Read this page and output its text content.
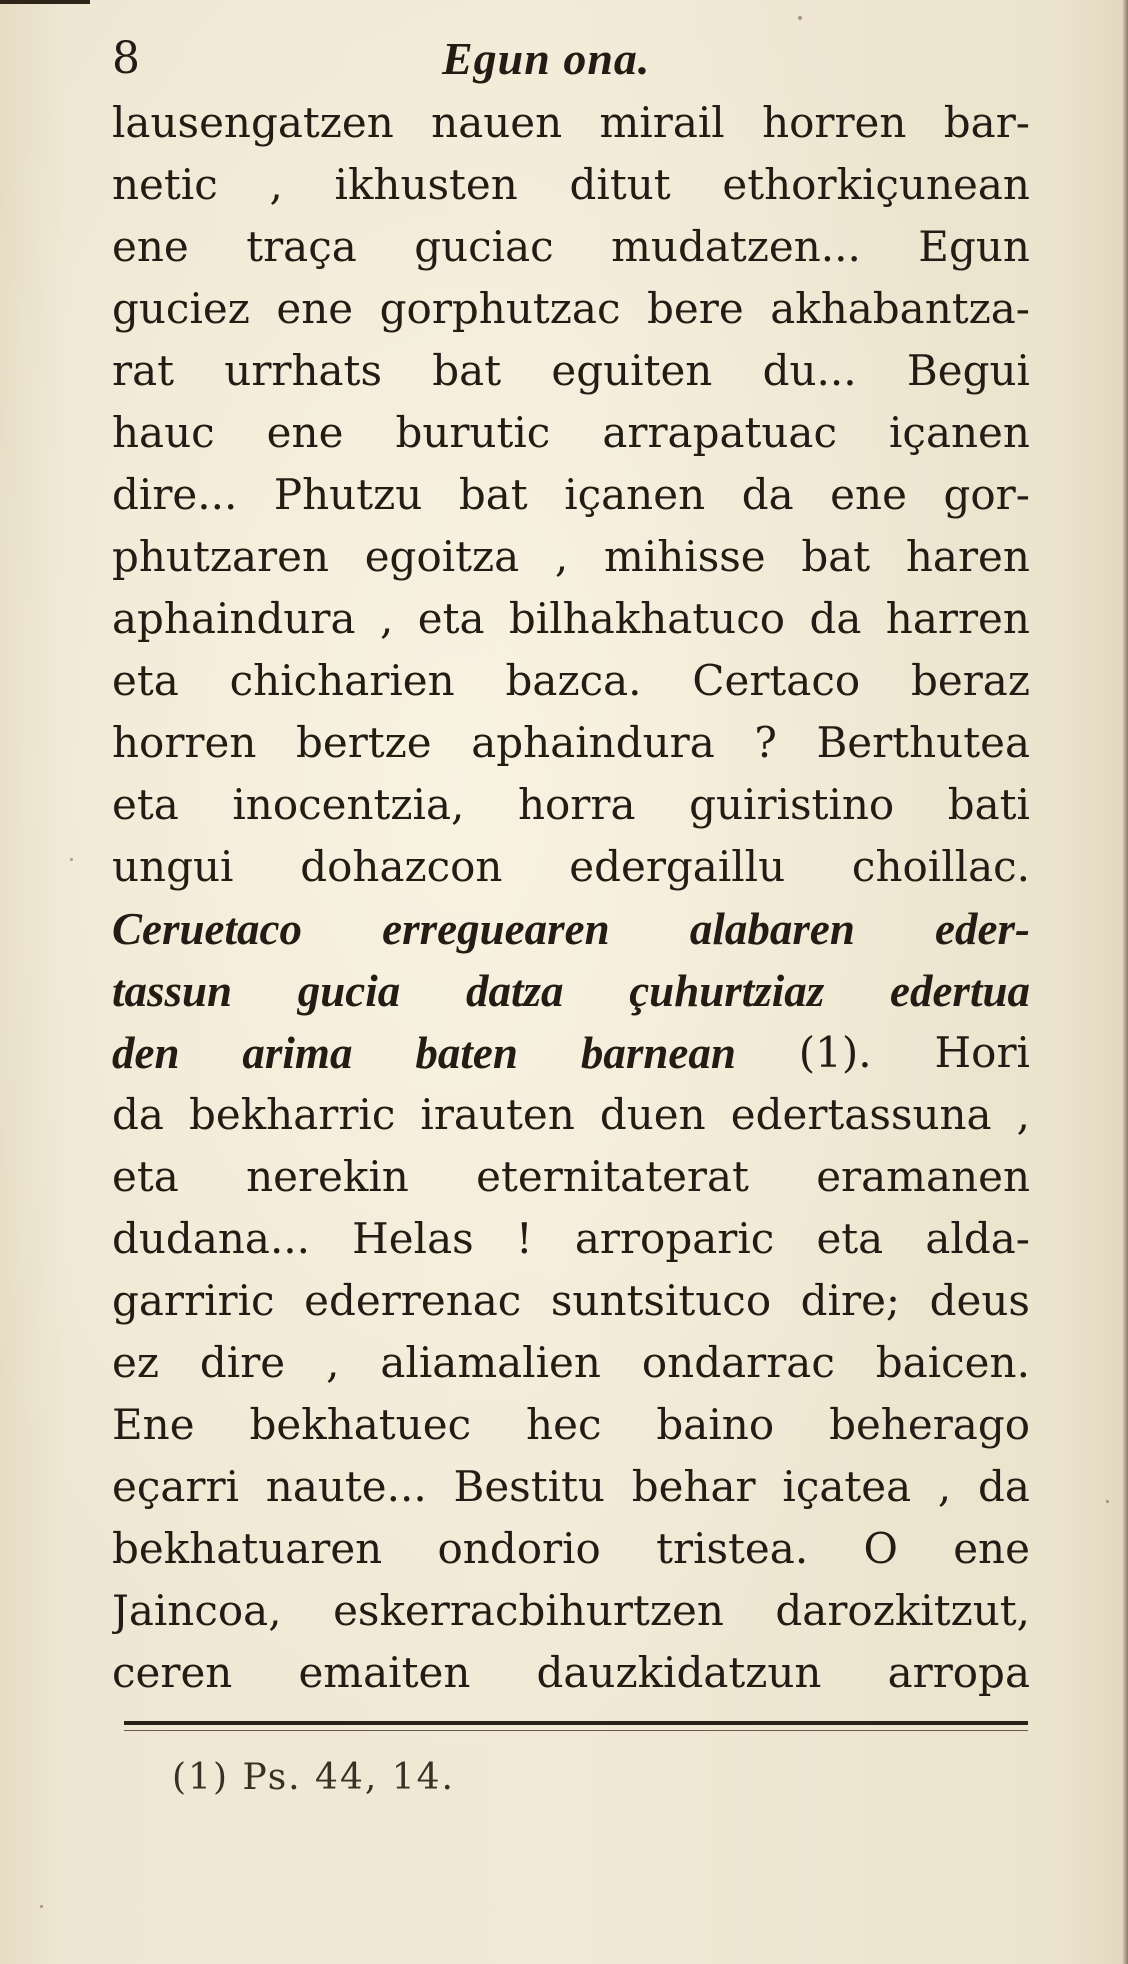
8	Egun ona.
lausengatzen nauen mirail horren bar-
netic , ikhusten ditut ethorkiçunean
ene traça guciac mudatzen... Egun
guciez ene gorphutzac bere akhabantza-
rat urrhats bat eguiten du... Begui
hauc ene burutic arrapatuac içanen
dire... Phutzu bat içanen da ene gor-
phutzaren egoitza , mihisse bat haren
aphaindura , eta bilhakhatuco da harren
eta chicharien bazca. Certaco beraz
horren bertze aphaindura ? Berthutea
eta inocentzia, horra guiristino bati
ungui dohazcon edergaillu choillac.
Ceruetaco erreguearen alabaren eder-
tassun gucia datza çuhurtziaz edertua
den arima baten barnean (1). Hori
da bekharric irauten duen edertassuna ,
eta nerekin eternitaterat eramanen
dudana... Helas ! arroparic eta alda-
garriric ederrenac suntsituco dire; deus
ez dire , aliamalien ondarrac baicen.
Ene bekhatuec hec baino beherago
eçarri naute... Bestitu behar içatea , da
bekhatuaren ondorio tristea. O ene
Jaincoa, eskerracbihurtzen darozkitzut,
ceren emaiten dauzkidatzun arropa
(1) Ps. 44, 14.
